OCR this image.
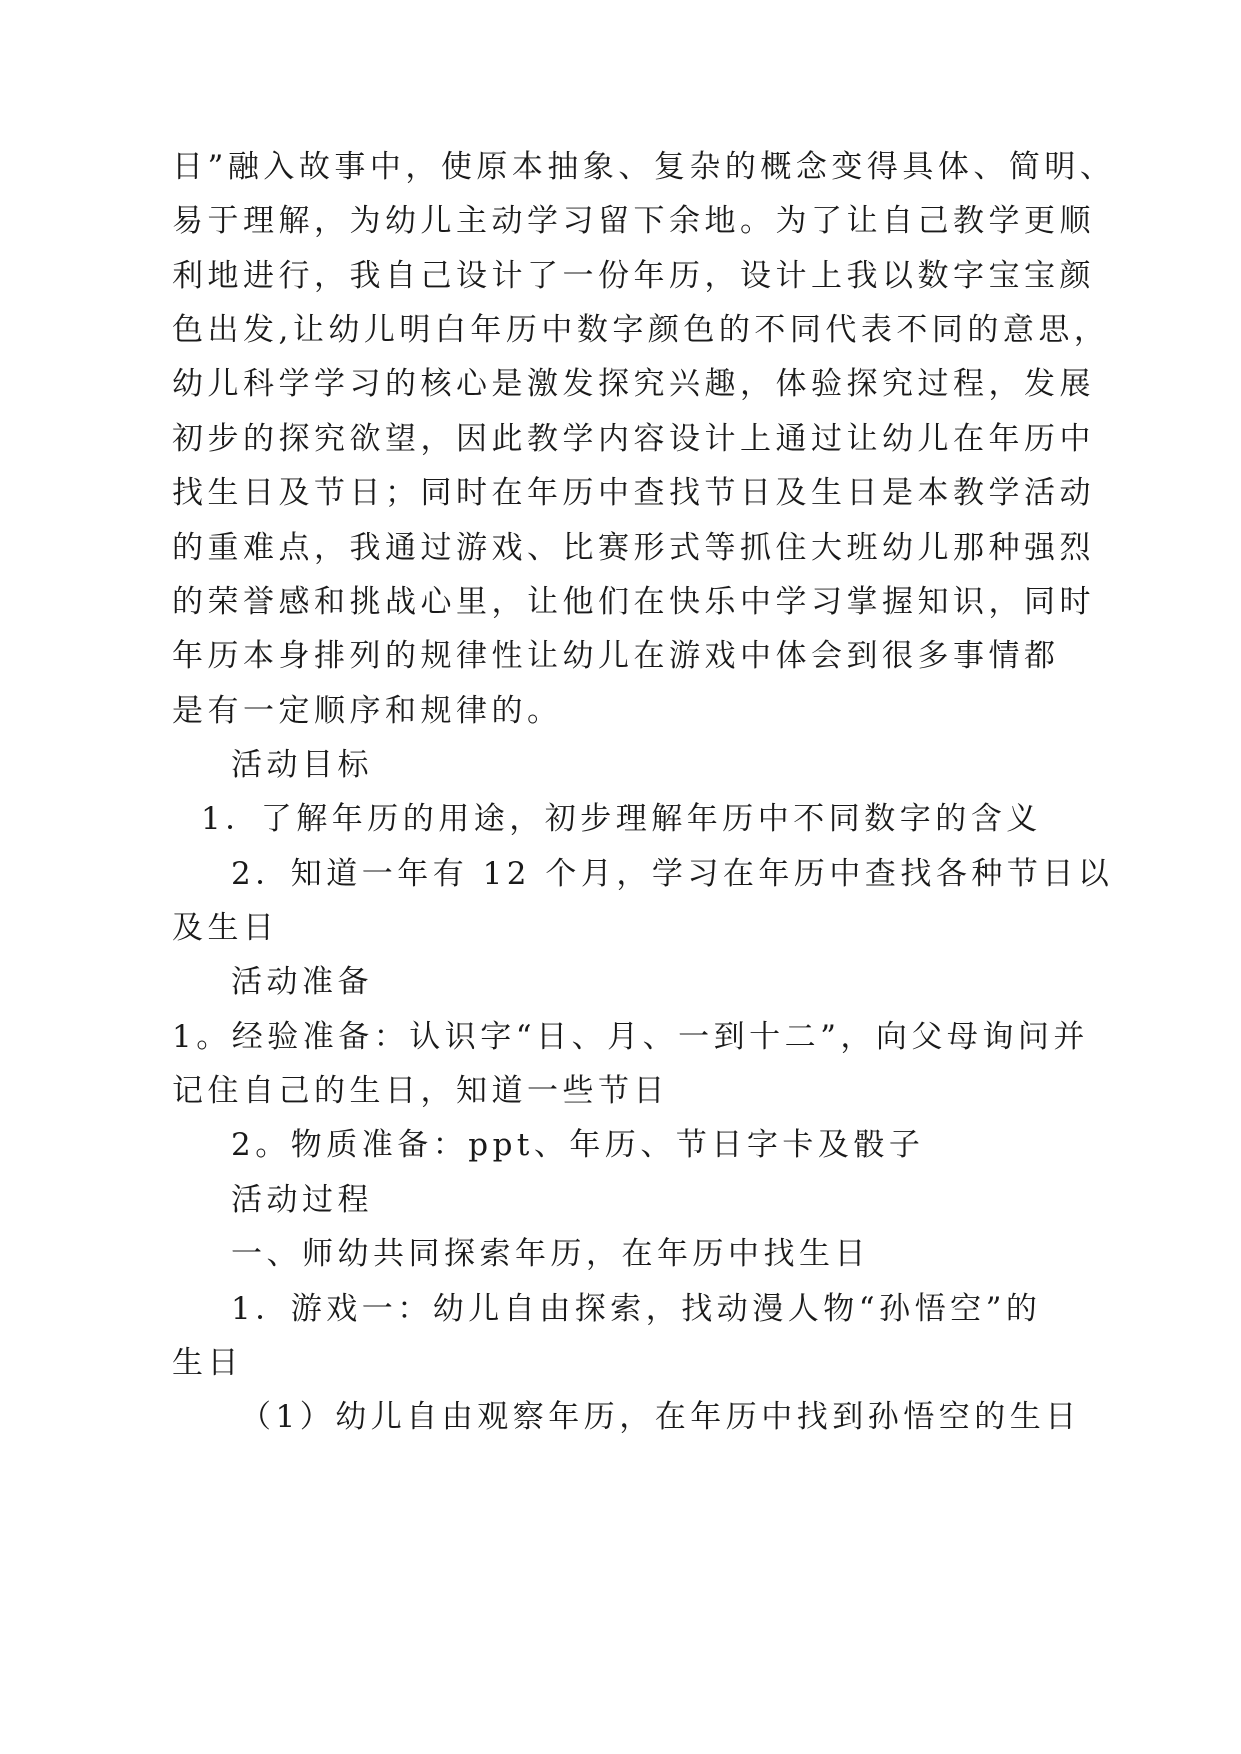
日”融入故事中，使原本抽象、复杂的概念变得具体、简明、
易于理解，为幼儿主动学习留下余地。为了让自己教学更顺
利地进行，我自己设计了一份年历，设计上我以数字宝宝颜
色出发,让幼儿明白年历中数字颜色的不同代表不同的意思，
幼儿科学学习的核心是激发探究兴趣，体验探究过程，发展
初步的探究欲望，因此教学内容设计上通过让幼儿在年历中
找生日及节日；同时在年历中查找节日及生日是本教学活动
的重难点，我通过游戏、比赛形式等抓住大班幼儿那种强烈
的荣誉感和挑战心里，让他们在快乐中学习掌握知识，同时
年历本身排列的规律性让幼儿在游戏中体会到很多事情都
是有一定顺序和规律的。
活动目标
1．了解年历的用途，初步理解年历中不同数字的含义
2．知道一年有 12 个月，学习在年历中查找各种节日以
及生日
活动准备
1。经验准备：认识字“日、月、一到十二”，向父母询问并
记住自己的生日，知道一些节日
2。物质准备：ppt、年历、节日字卡及骰子
活动过程
一、师幼共同探索年历，在年历中找生日
1．游戏一：幼儿自由探索，找动漫人物“孙悟空”的
生日
（1）幼儿自由观察年历，在年历中找到孙悟空的生日
